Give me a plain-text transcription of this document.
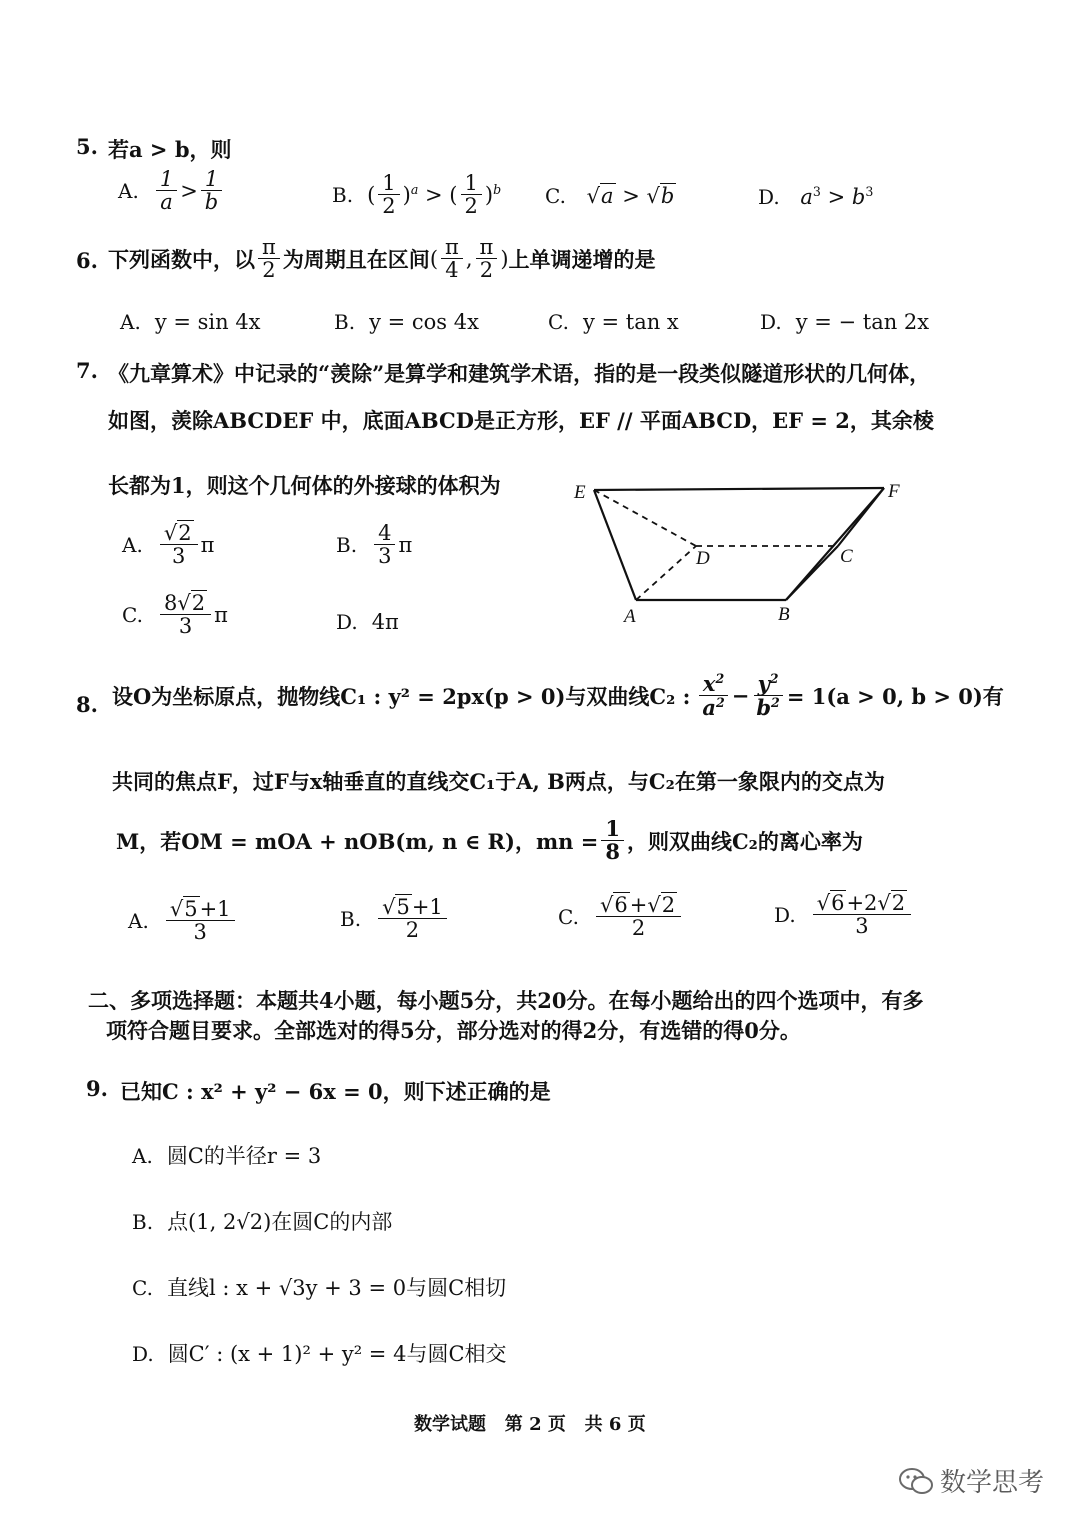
5. 若a > b，则
A. $\frac{1}{a} > \frac{1}{b}$	B. ( $\frac{1}{2} )^a$ > ( $\frac{1}{2} )^b$ C. √a > √b	D. $a^3 > b^3$
6. 下列函数中，以 $\frac{\pi}{2}$ 为周期且在区间 ( $\frac{\pi}{4}$ , $\frac{\pi}{2}$ ) 上单调递增的是
A. y = sin 4x	B. y = cos 4x	C. y = tan x	D. y = − tan 2x
7. 《九章算术》中记录的“羡除”是算学和建筑学术语，指的是一段类似隧道形状的几何体，
如图，羡除ABCDEF 中，底面ABCD是正方形，EF // 平面ABCD，EF = 2，其余棱
长都为1，则这个几何体的外接球的体积为
A. $\frac{√2}{3}$ π	B. $\frac{4}{3}$ π
C. $\frac{8√2}{3}$ π	D. 4π
E	F
D	C
A	B
8. 设O为坐标原点，抛物线C₁ : y² = 2px(p > 0)与双曲线C₂ : $\frac{x^2}{a^2} - \frac{y^2}{b^2} = 1(a > 0$, b > 0)有
共同的焦点F，过F与x轴垂直的直线交C₁于A, B两点，与C₂在第一象限内的交点为
M，若OM = mOA + nOB(m, n ∈ R)，mn = $\frac{1}{8}$ ，则双曲线C₂的离心率为
A. $\frac{√5+1}{3}$	B. $\frac{√5+1}{2}$	C. $\frac{√6+√2}{2}$	D. $\frac{√6+2√2}{3}$
二、多项选择题：本题共4小题，每小题5分，共20分。在每小题给出的四个选项中，有多
项符合题目要求。全部选对的得5分，部分选对的得2分，有选错的得0分。
9. 已知C : x² + y² − 6x = 0，则下述正确的是
A. 圆C的半径r = 3
B. 点(1, 2√2)在圆C的内部
C. 直线l : x + √3y + 3 = 0与圆C相切
D. 圆C′ : (x + 1)² + y² = 4与圆C相交
数学试题   第 2 页   共 6 页
数学思考
